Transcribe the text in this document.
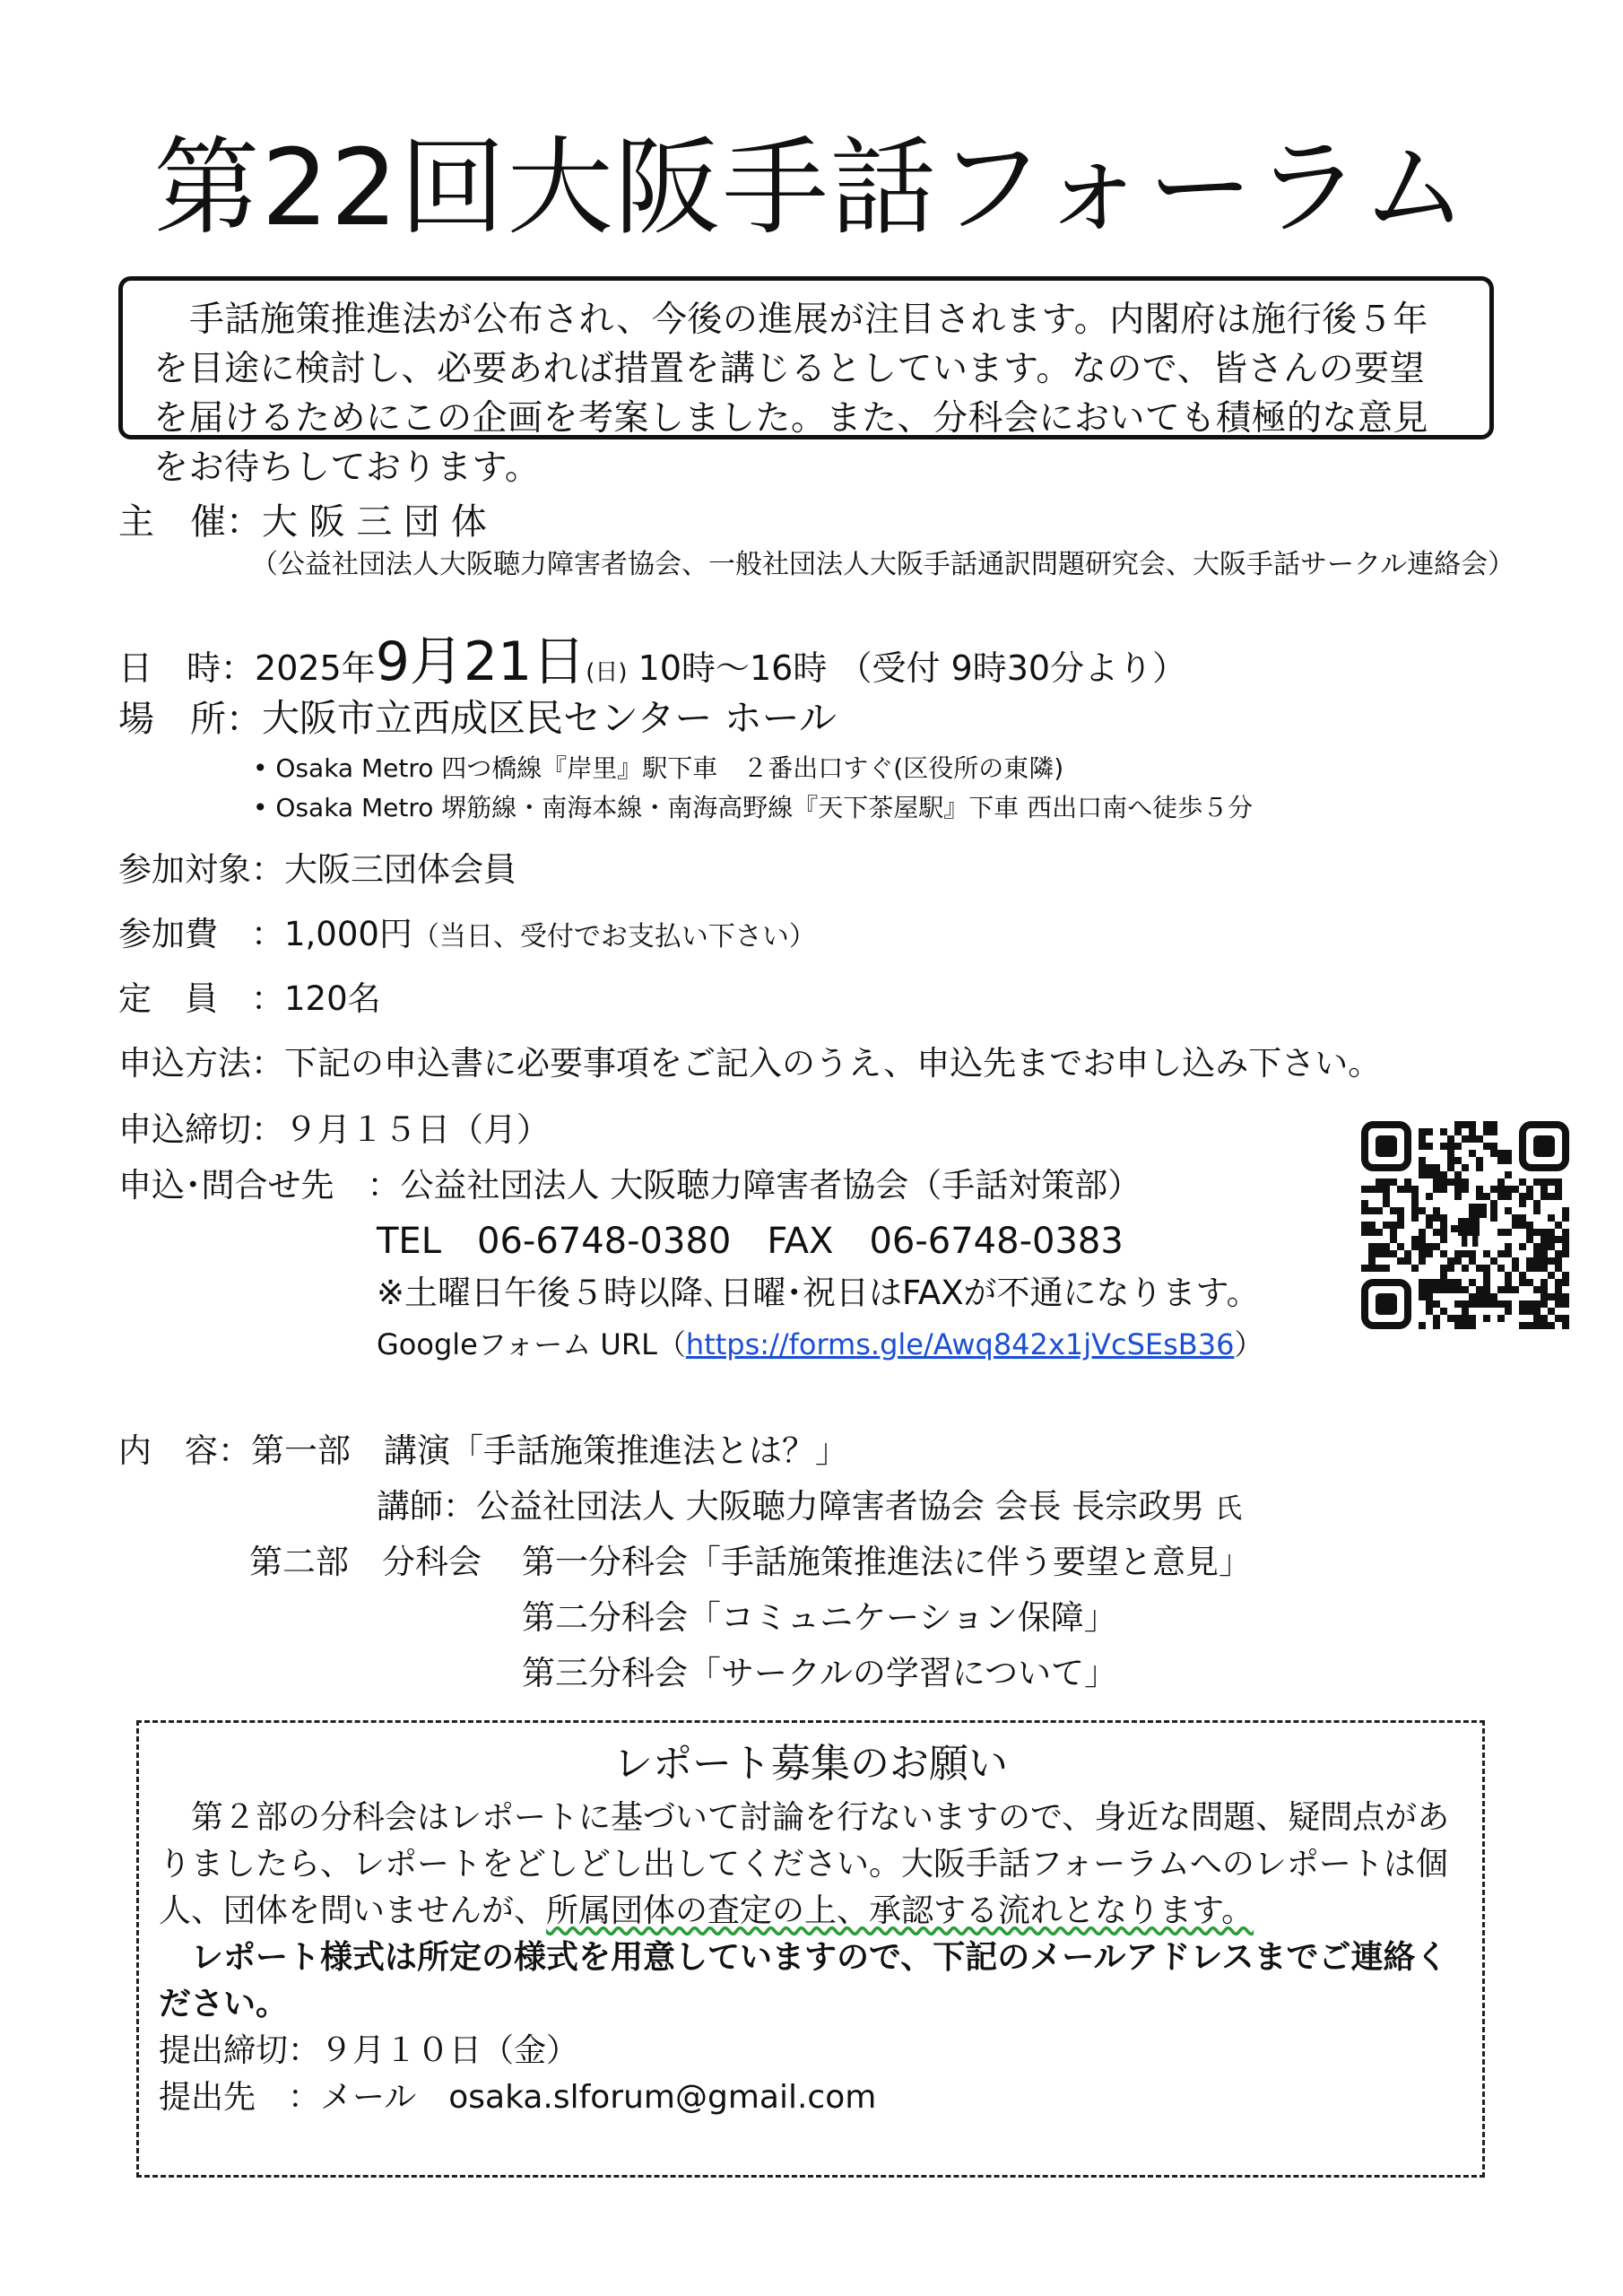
第22回大阪手話フォーラム

手話施策推進法が公布され、今後の進展が注目されます。内閣府は施行後５年を目途に検討し、必要あれば措置を講じるとしています。なので、皆さんの要望を届けるためにこの企画を考案しました。また、分科会においても積極的な意見をお待ちしております。

主　催：大 阪 三 団 体
（公益社団法人大阪聴力障害者協会、一般社団法人大阪手話通訳問題研究会、大阪手話サークル連絡会）
日　時：2025年9月21日(日) 10時～16時 （受付 9時30分より）
場　所：大阪市立西成区民センター ホール
• Osaka Metro 四つ橋線『岸里』駅下車　２番出口すぐ(区役所の東隣)
• Osaka Metro 堺筋線・南海本線・南海高野線『天下茶屋駅』下車 西出口南へ徒歩５分
参加対象：大阪三団体会員
参加費　：1,000円（当日、受付でお支払い下さい）
定　員　：120名
申込方法：下記の申込書に必要事項をご記入のうえ、申込先までお申し込み下さい。
申込締切：９月１５日（月）
申込･問合せ先　：公益社団法人 大阪聴力障害者協会（手話対策部）
TEL　06-6748-0380　FAX　06-6748-0383
※土曜日午後５時以降､日曜･祝日はFAXが不通になります。
Googleフォーム URL（https://forms.gle/Awq842x1jVcSEsB36）
内　容：第一部　講演「手話施策推進法とは？」
講師：公益社団法人 大阪聴力障害者協会 会長 長宗政男 氏
第二部　分科会 第一分科会「手話施策推進法に伴う要望と意見」
第二分科会「コミュニケーション保障」
第三分科会「サークルの学習について」
レポート募集のお願い

第２部の分科会はレポートに基づいて討論を行ないますので、身近な問題、疑問点がありましたら、レポートをどしどし出してください。大阪手話フォーラムへのレポートは個人、団体を問いませんが、所属団体の査定の上、承認する流れとなります。

レポート様式は所定の様式を用意していますので、下記のメールアドレスまでご連絡ください。

提出締切：９月１０日（金）

提出先　：メール　osaka.slforum@gmail.com
